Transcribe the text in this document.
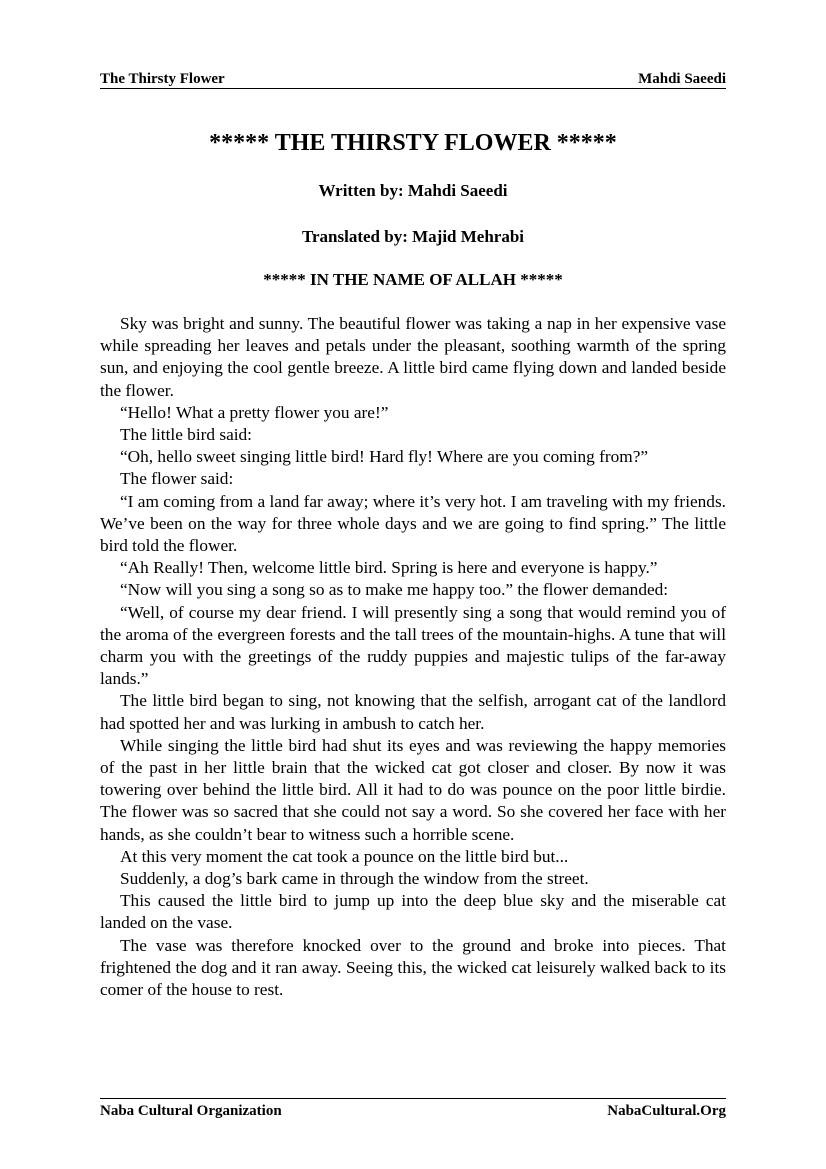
The Thirsty Flower	Mahdi Saeedi
***** THE THIRSTY FLOWER *****
Written by: Mahdi Saeedi
Translated by: Majid Mehrabi
***** IN THE NAME OF ALLAH *****

Sky was bright and sunny. The beautiful flower was taking a nap in her expensive vase while spreading her leaves and petals under the pleasant, soothing warmth of the spring sun, and enjoying the cool gentle breeze. A little bird came flying down and landed beside the flower.

“Hello! What a pretty flower you are!”

The little bird said:

“Oh, hello sweet singing little bird! Hard fly! Where are you coming from?”

The flower said:

“I am coming from a land far away; where it’s very hot. I am traveling with my friends. We’ve been on the way for three whole days and we are going to find spring.” The little bird told the flower.

“Ah Really! Then, welcome little bird. Spring is here and everyone is happy.”

“Now will you sing a song so as to make me happy too.” the flower demanded:

“Well, of course my dear friend. I will presently sing a song that would remind you of the aroma of the evergreen forests and the tall trees of the mountain-highs. A tune that will charm you with the greetings of the ruddy puppies and majestic tulips of the far-away lands.”

The little bird began to sing, not knowing that the selfish, arrogant cat of the landlord had spotted her and was lurking in ambush to catch her.

While singing the little bird had shut its eyes and was reviewing the happy memories of the past in her little brain that the wicked cat got closer and closer. By now it was towering over behind the little bird. All it had to do was pounce on the poor little birdie. The flower was so sacred that she could not say a word. So she covered her face with her hands, as she couldn’t bear to witness such a horrible scene.

At this very moment the cat took a pounce on the little bird but...

Suddenly, a dog’s bark came in through the window from the street.

This caused the little bird to jump up into the deep blue sky and the miserable cat landed on the vase.

The vase was therefore knocked over to the ground and broke into pieces. That frightened the dog and it ran away. Seeing this, the wicked cat leisurely walked back to its comer of the house to rest.

Naba Cultural Organization	NabaCultural.Org
